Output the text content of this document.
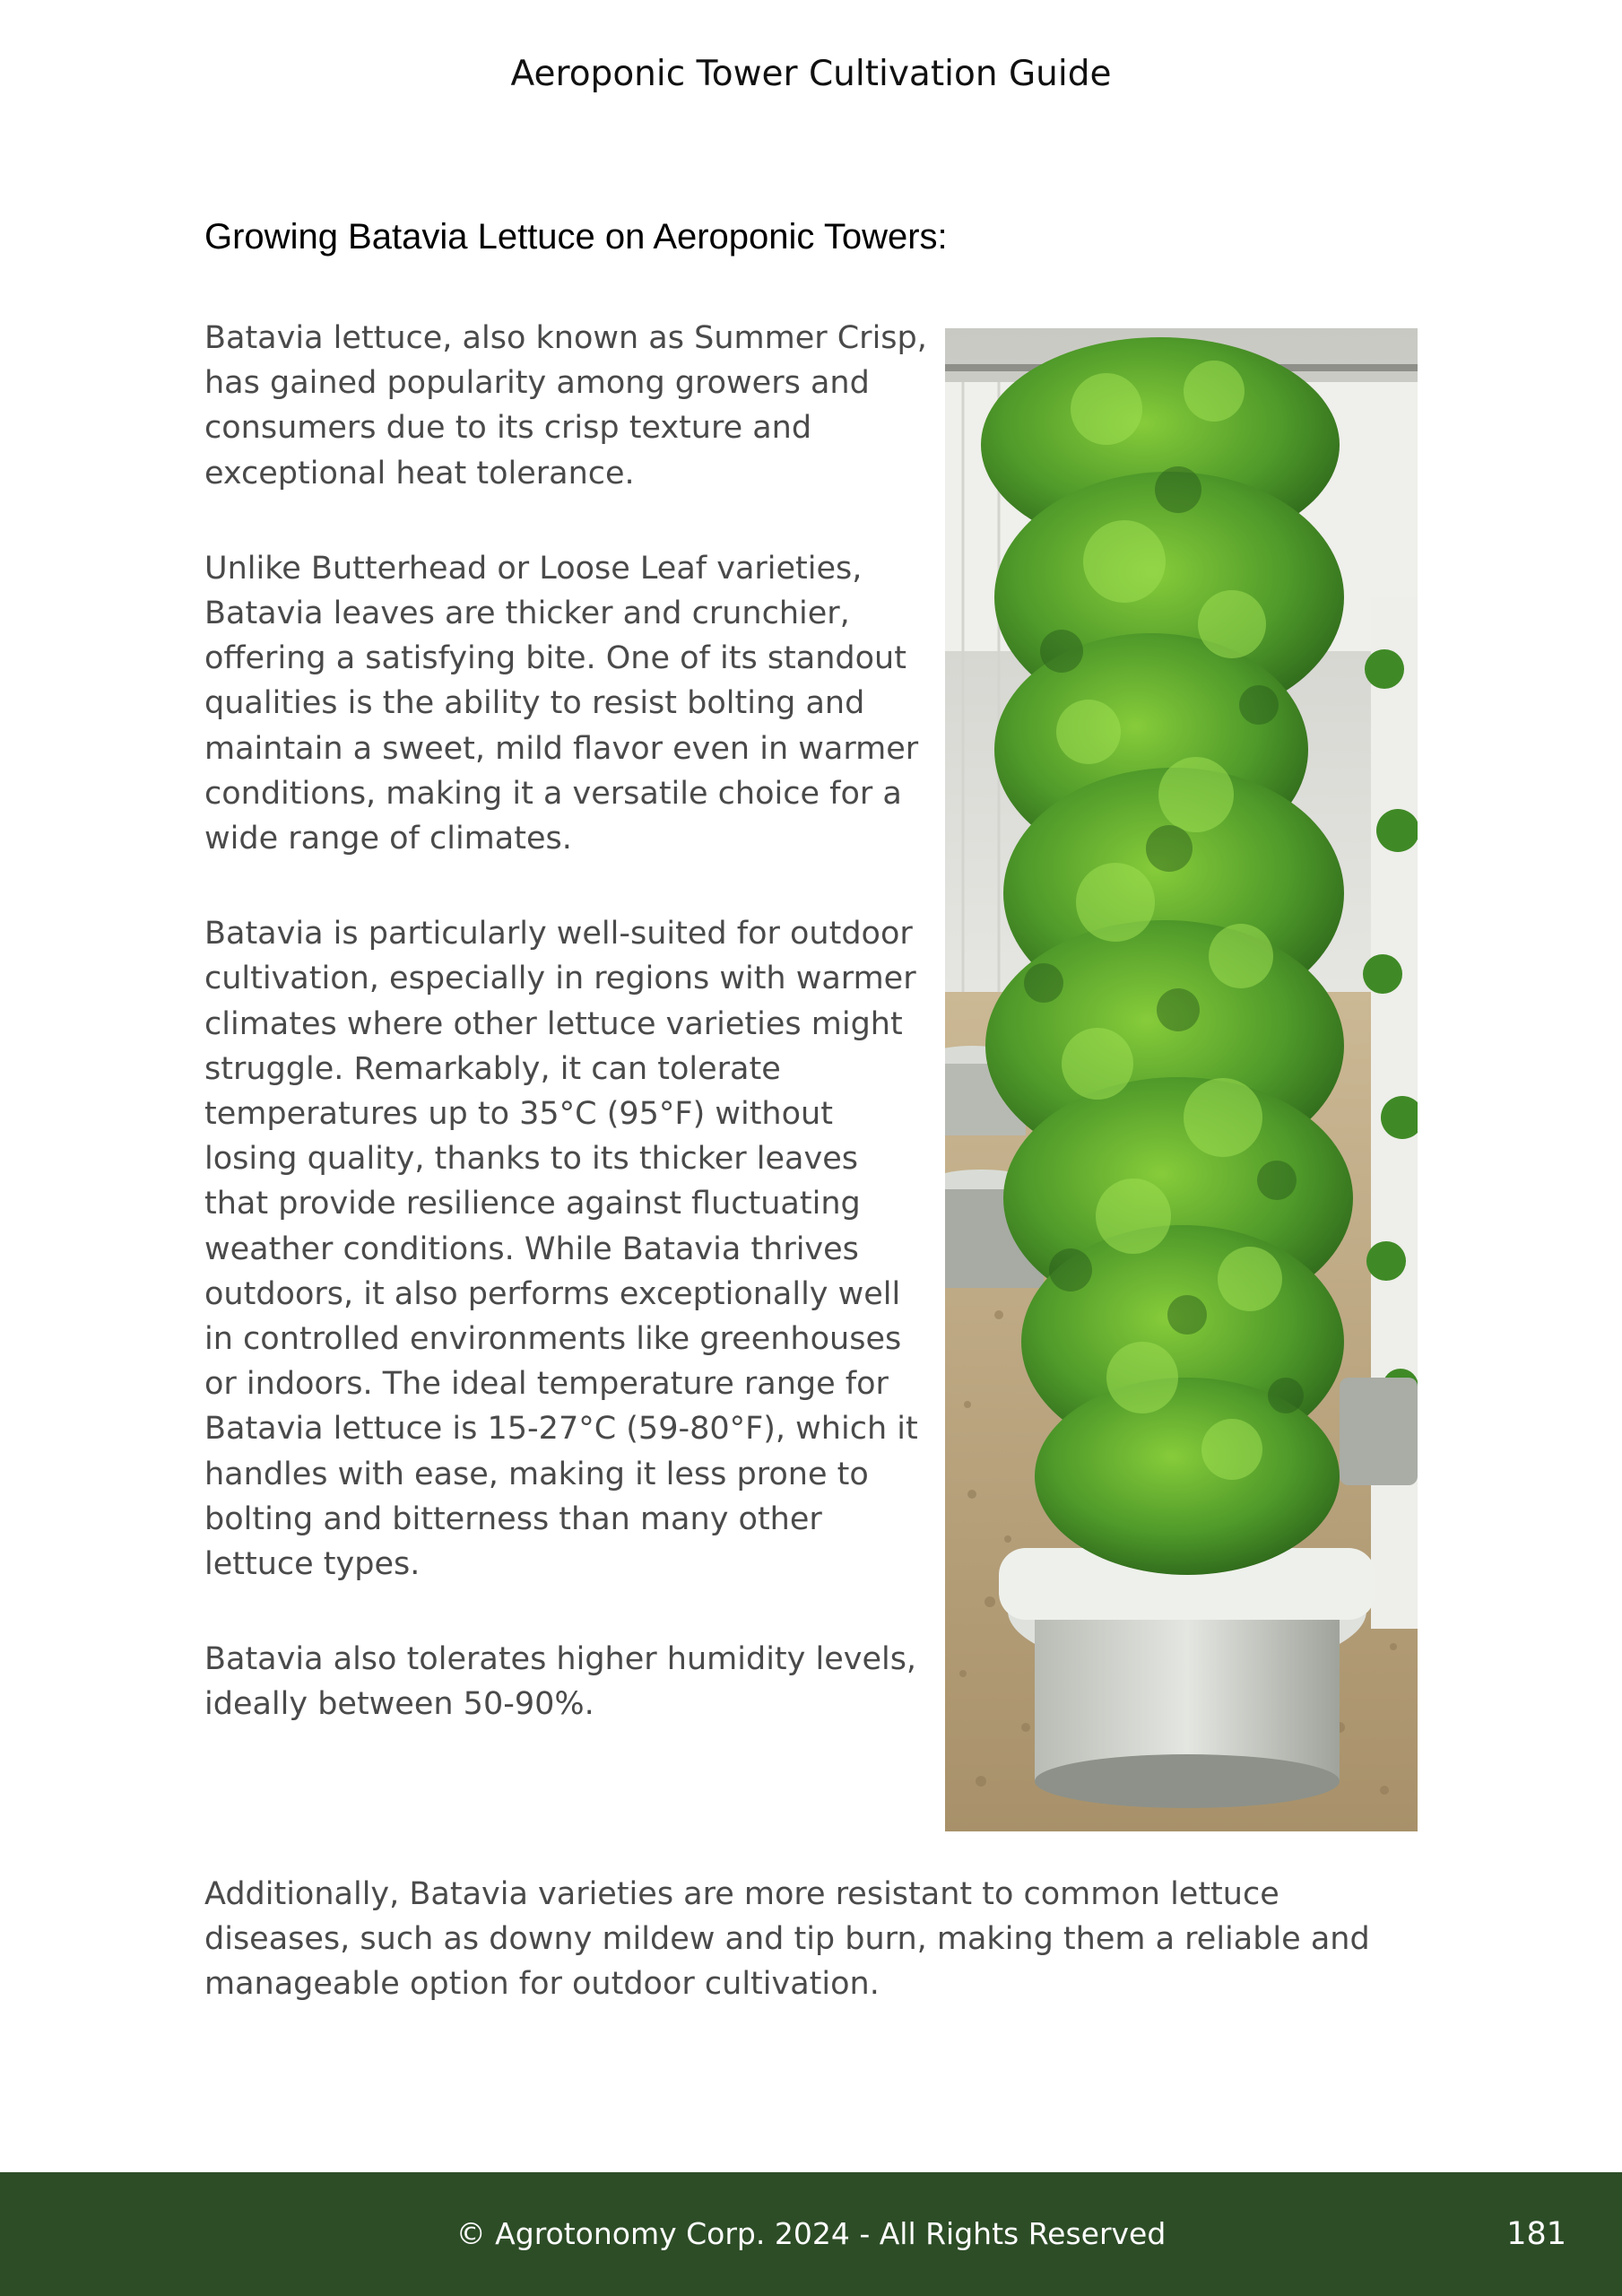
Aeroponic Tower Cultivation Guide
Growing Batavia Lettuce on Aeroponic Towers:

Batavia lettuce, also known as Summer Crisp, has gained popularity among growers and consumers due to its crisp texture and exceptional heat tolerance.

Unlike Butterhead or Loose Leaf varieties, Batavia leaves are thicker and crunchier, offering a satisfying bite. One of its standout qualities is the ability to resist bolting and maintain a sweet, mild flavor even in warmer conditions, making it a versatile choice for a wide range of climates.

Batavia is particularly well-suited for outdoor cultivation, especially in regions with warmer climates where other lettuce varieties might struggle. Remarkably, it can tolerate temperatures up to 35°C (95°F) without losing quality, thanks to its thicker leaves that provide resilience against fluctuating weather conditions. While Batavia thrives outdoors, it also performs exceptionally well in controlled environments like greenhouses or indoors. The ideal temperature range for Batavia lettuce is 15-27°C (59-80°F), which it handles with ease, making it less prone to bolting and bitterness than many other lettuce types.

Batavia also tolerates higher humidity levels, ideally between 50-90%.

Additionally, Batavia varieties are more resistant to common lettuce diseases, such as downy mildew and tip burn, making them a reliable and manageable option for outdoor cultivation.

© Agrotonomy Corp. 2024 - All Rights Reserved	181
